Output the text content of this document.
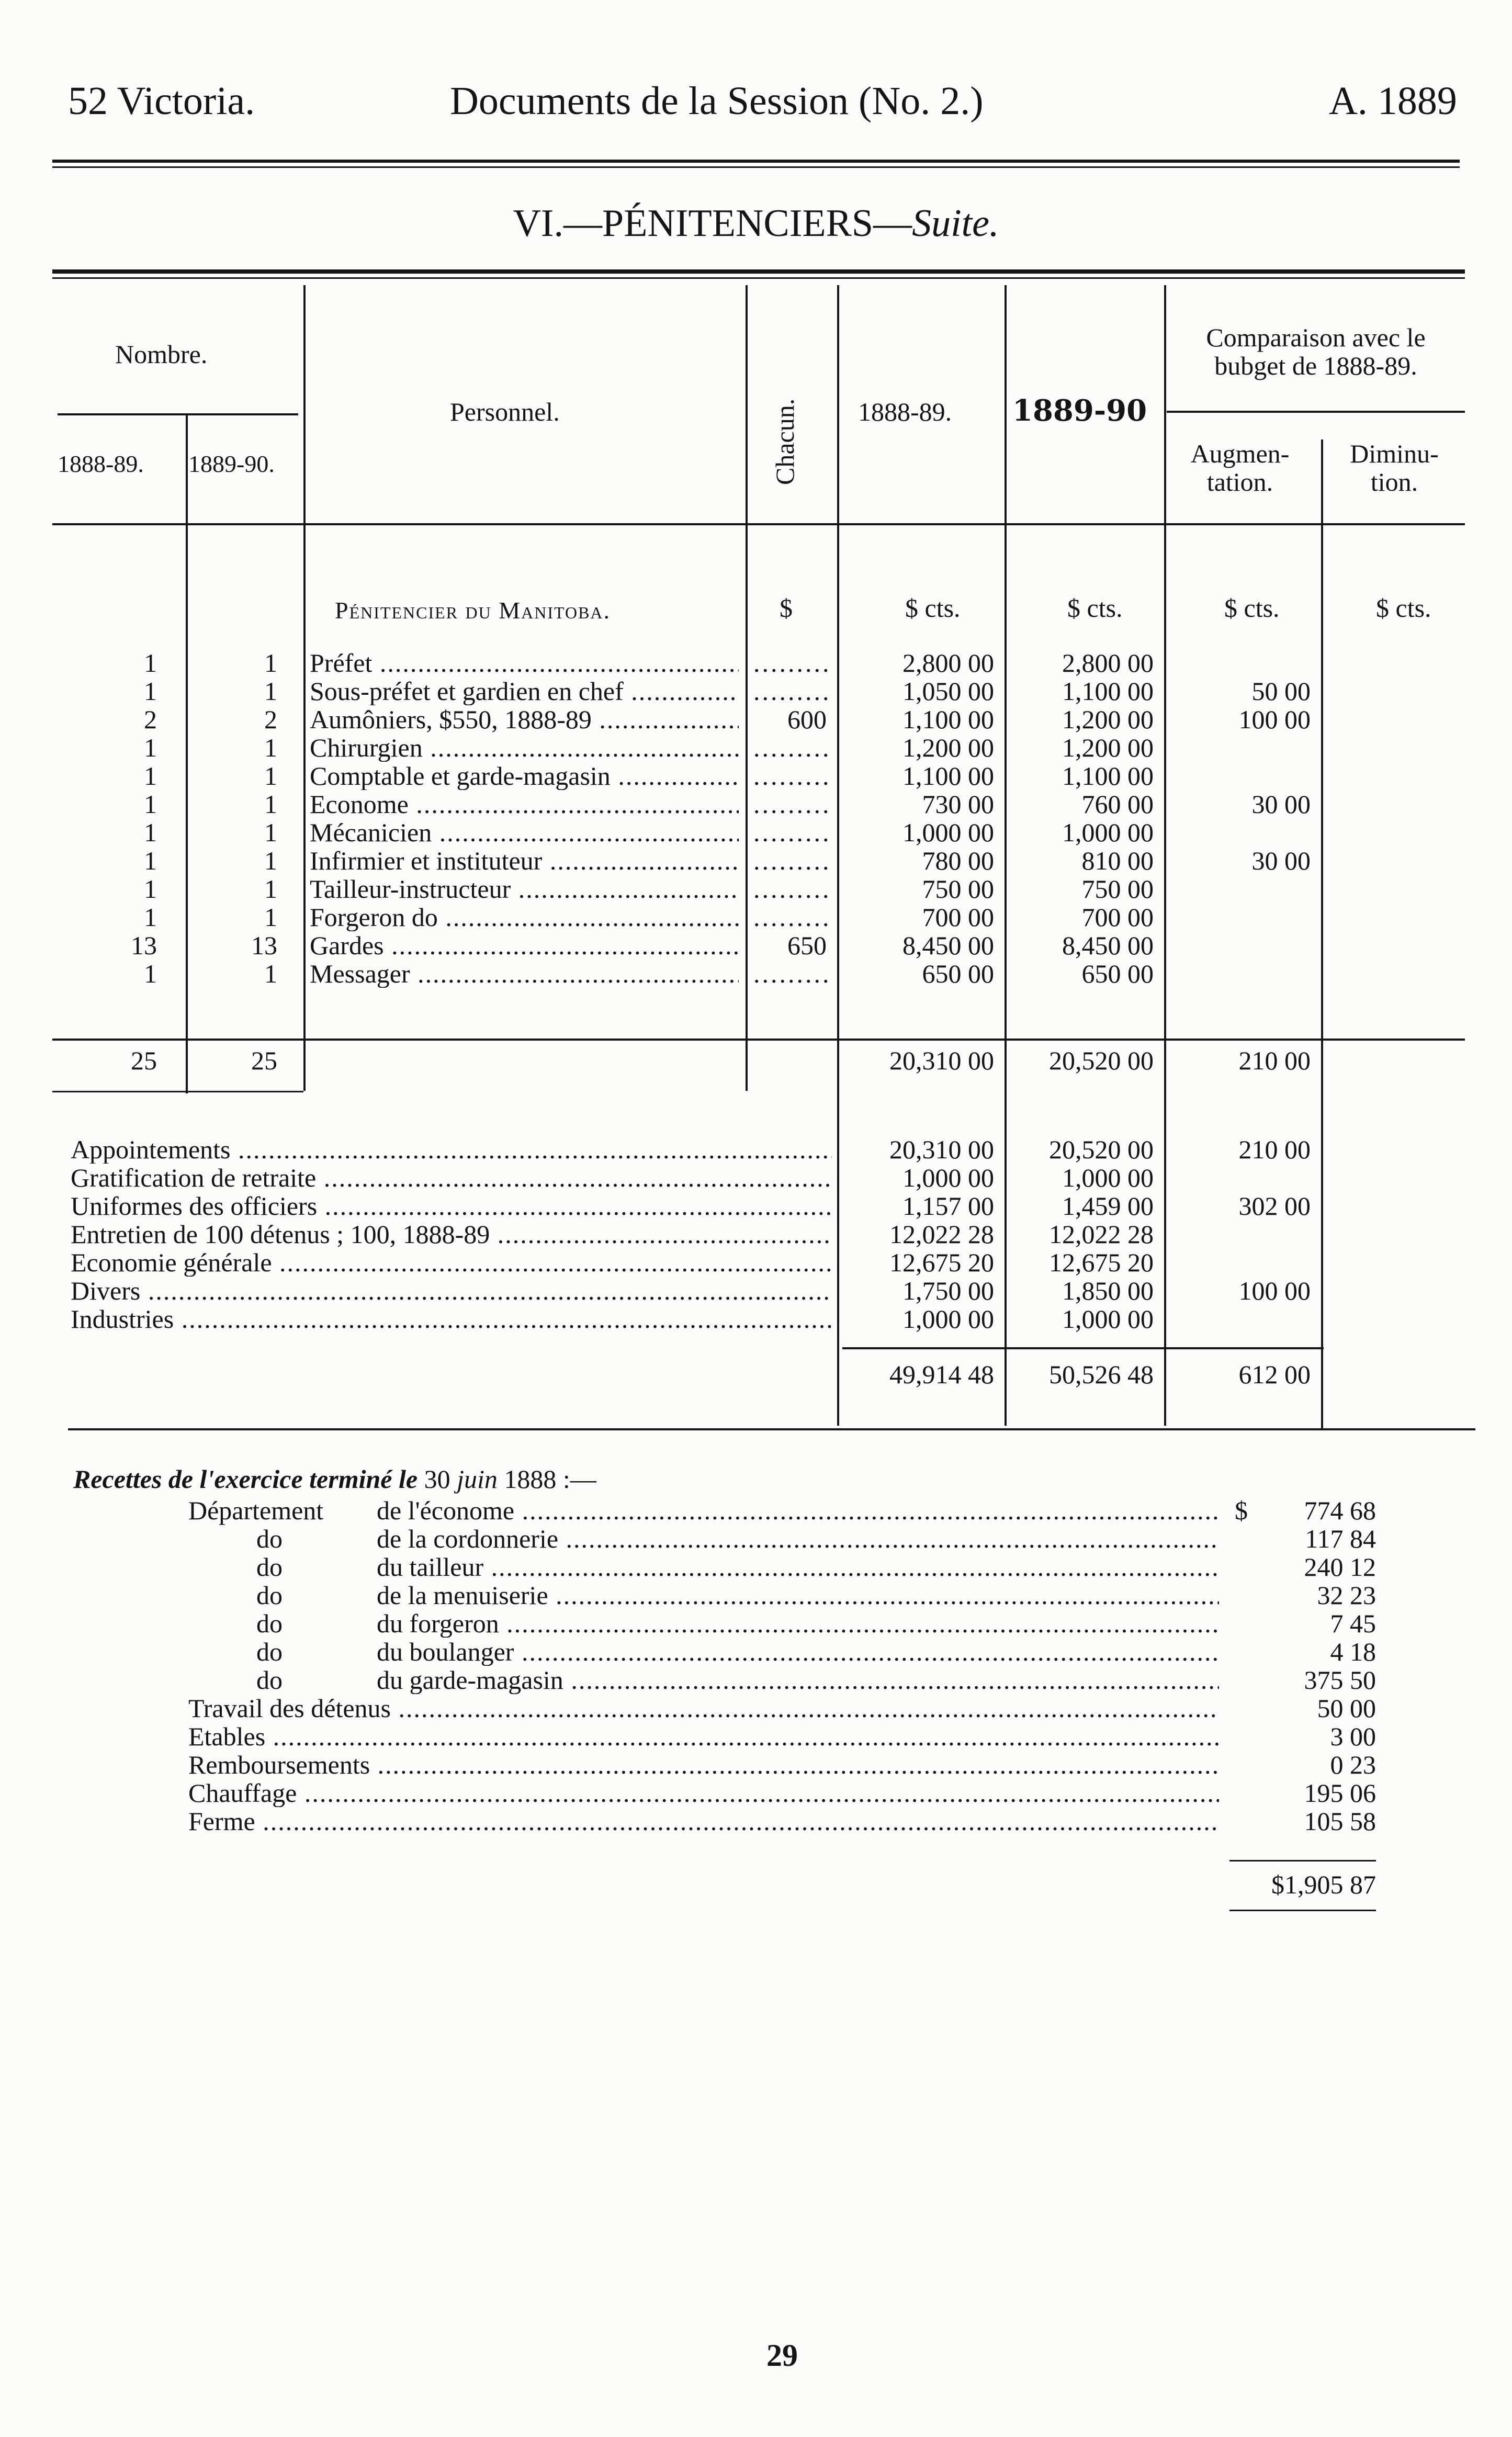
52 Victoria.	Documents de la Session (No. 2.)	A. 1889
VI.—PÉNITENCIERS—Suite.
Nombre.
1888-89. 1889-90.
Personnel.	Chacun. 1888-89. 1889-90
Comparaison avec le
bubget de 1888-89.
Augmen-
tation.
Diminu-
tion.
Pénitencier du Manitoba.	$	$ cts.	$ cts.	$ cts.	$ cts.
1	1 Préfet ..... .....	2,800 00	2,800 00
1	1 Sous-préfet et gardien en chef ..... .....	1,050 00	1,100 00	50 00
2	2 Aumôniers, $550, 1888-89 .....	600	1,100 00	1,200 00	100 00
1	1 Chirurgien ..... .....	1,200 00	1,200 00
1	1 Comptable et garde-magasin ..... .....	1,100 00	1,100 00
1	1 Econome ..... .....	730 00	760 00	30 00
1	1 Mécanicien ..... .....	1,000 00	1,000 00
1	1 Infirmier et instituteur ..... .....	780 00	810 00	30 00
1	1 Tailleur-instructeur ..... .....	750 00	750 00
1	1 Forgeron do ..... .....	700 00	700 00
13	13 Gardes .....	650	8,450 00	8,450 00
1	1 Messager ..... .....	650 00	650 00
25	25	20,310 00	20,520 00	210 00
Appointements .....	20,310 00	20,520 00	210 00
Gratification de retraite .....	1,000 00	1,000 00
Uniformes des officiers .....	1,157 00	1,459 00	302 00
Entretien de 100 détenus ; 100, 1888-89 .....	12,022 28	12,022 28
Economie générale .....	12,675 20	12,675 20
Divers .....	1,750 00	1,850 00	100 00
Industries .....	1,000 00	1,000 00
49,914 48	50,526 48	612 00
Recettes de l'exercice terminé le 30 juin 1888 :—
Département de l'économe .....	$	774 68
do	de la cordonnerie .....	117 84
do	du tailleur .....	240 12
do	de la menuiserie .....	32 23
do	du forgeron .....	7 45
do	du boulanger .....	4 18
do	du garde-magasin .....	375 50
Travail des détenus .....	50 00
Etables .....	3 00
Remboursements .....	0 23
Chauffage .....	195 06
Ferme .....	105 58
$1,905 87
29
